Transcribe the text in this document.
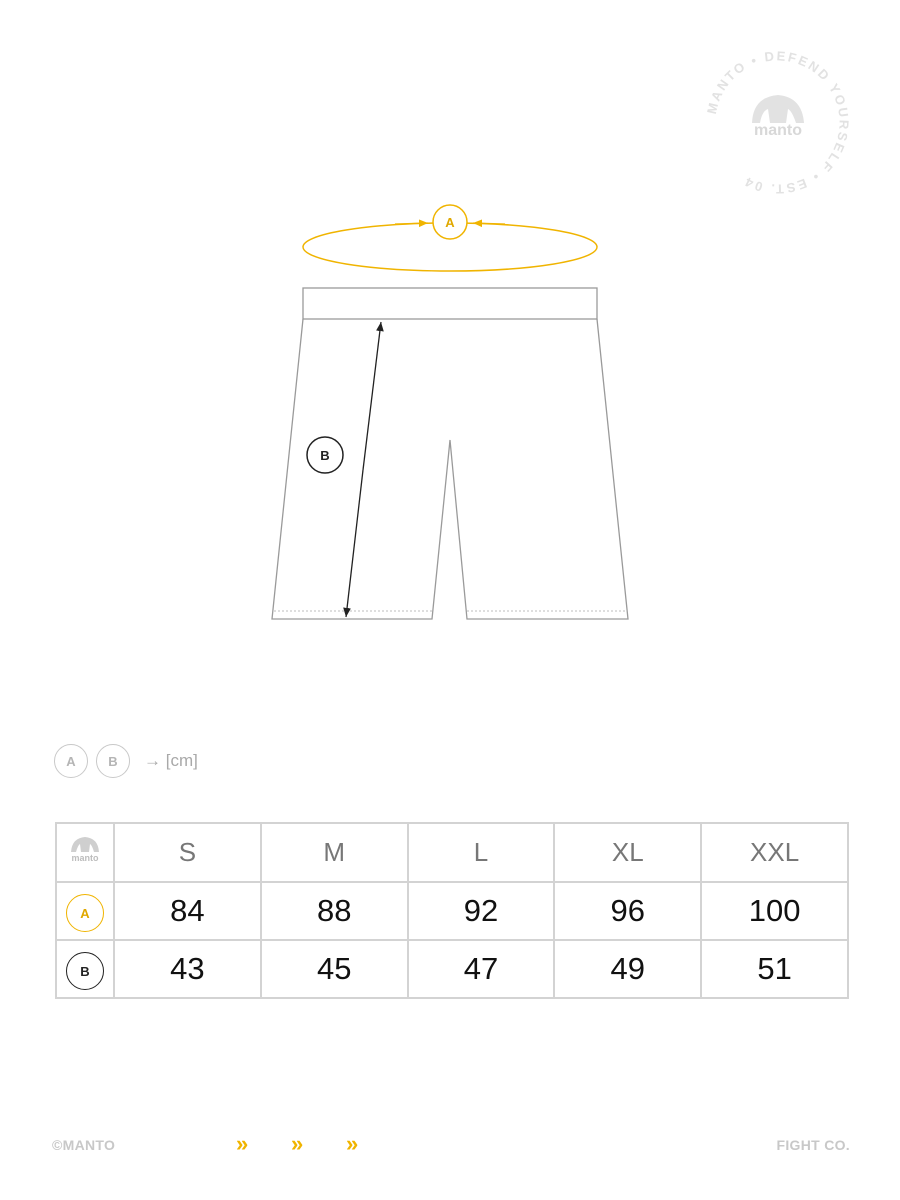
MANTO • DEFEND YOURSELF • EST. 04
manto
A
B
A	B	→ [cm]
manto	S	M	L	XL	XXL
A	84	88	92	96	100
B	43	45	47	49	51
©MANTO	» » »	FIGHT CO.
